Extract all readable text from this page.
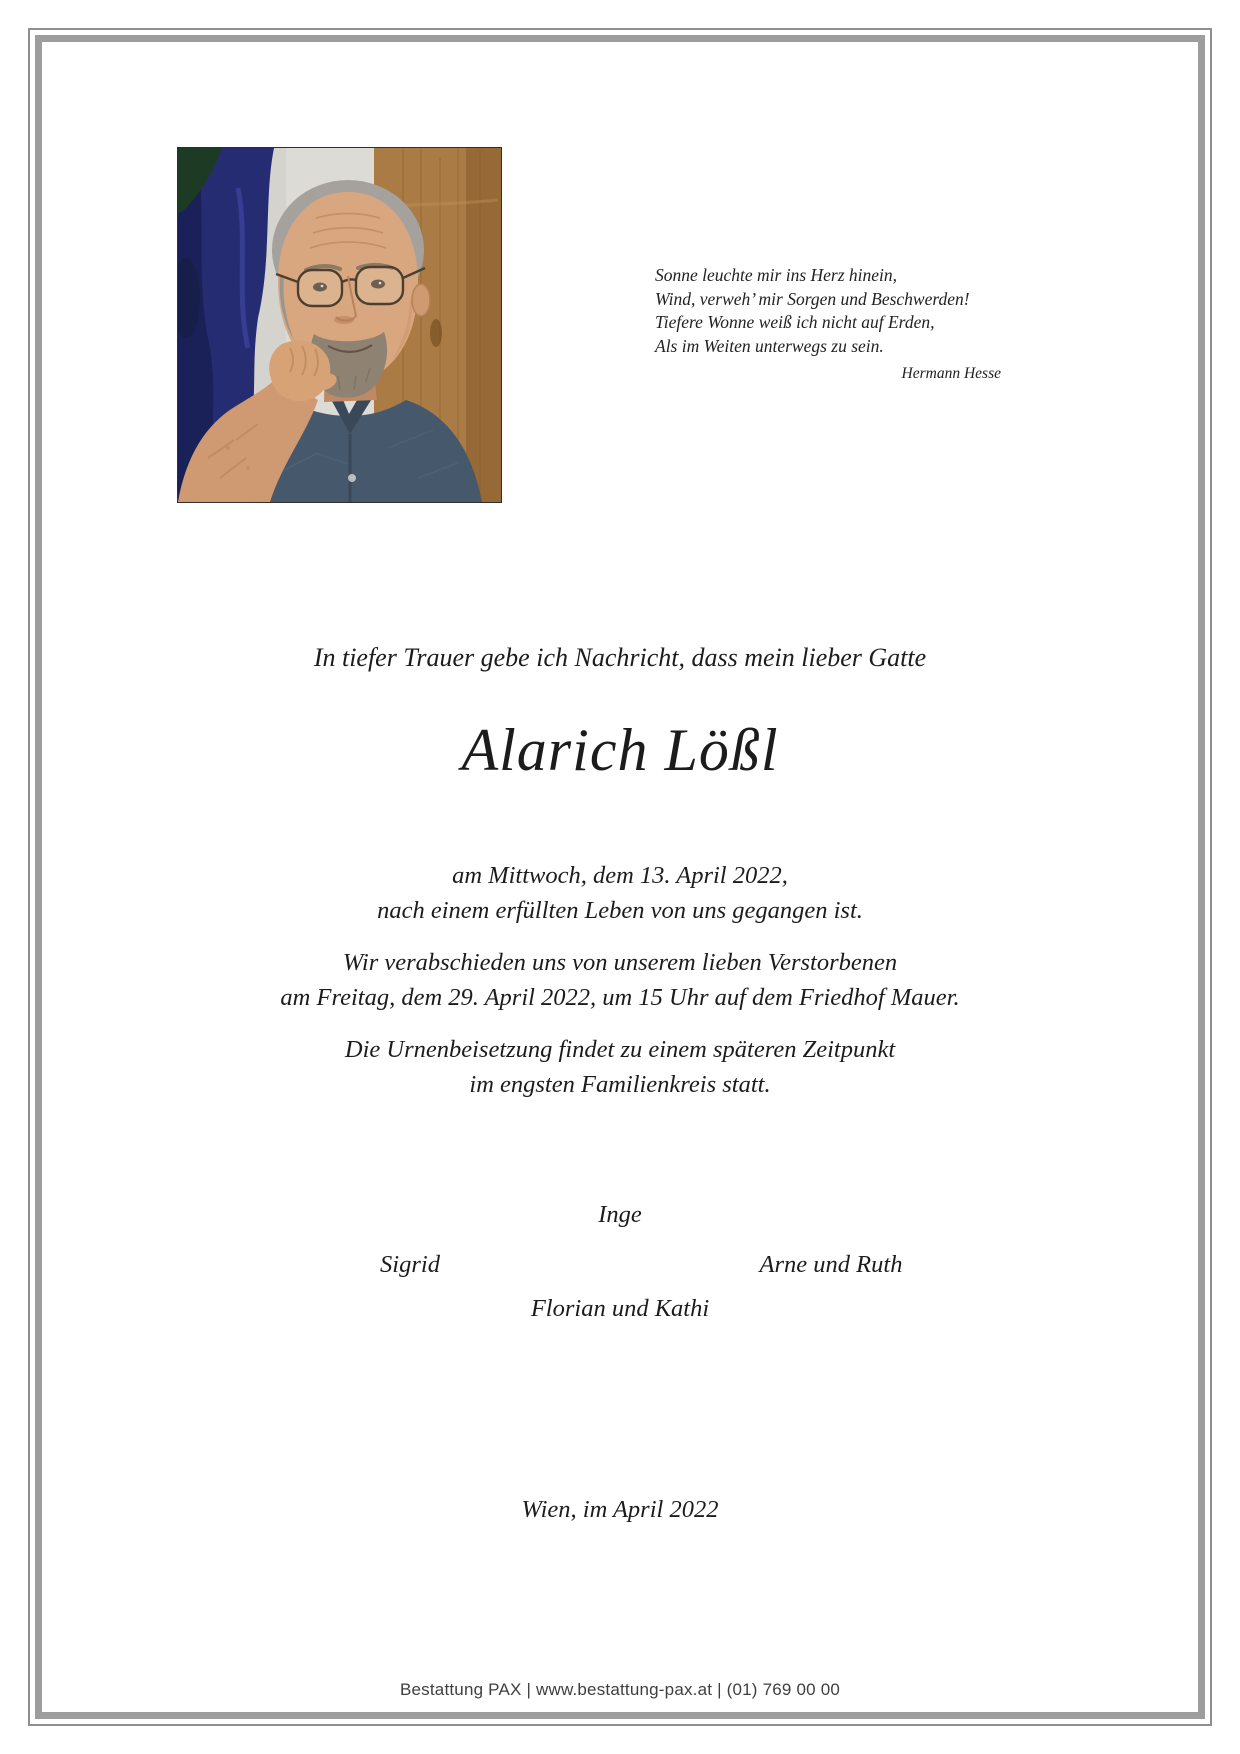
Sonne leuchte mir ins Herz hinein,
Wind, verweh’ mir Sorgen und Beschwerden!
Tiefere Wonne weiß ich nicht auf Erden,
Als im Weiten unterwegs zu sein.
Hermann Hesse
In tiefer Trauer gebe ich Nachricht, dass mein lieber Gatte
Alarich Lößl

am Mittwoch, dem 13. April 2022,
nach einem erfüllten Leben von uns gegangen ist.

Wir verabschieden uns von unserem lieben Verstorbenen
am Freitag, dem 29. April 2022, um 15 Uhr auf dem Friedhof Mauer.

Die Urnenbeisetzung findet zu einem späteren Zeitpunkt
im engsten Familienkreis statt.

Inge
Sigrid	Arne und Ruth
Florian und Kathi
Wien, im April 2022
Bestattung PAX | www.bestattung-pax.at | (01) 769 00 00
